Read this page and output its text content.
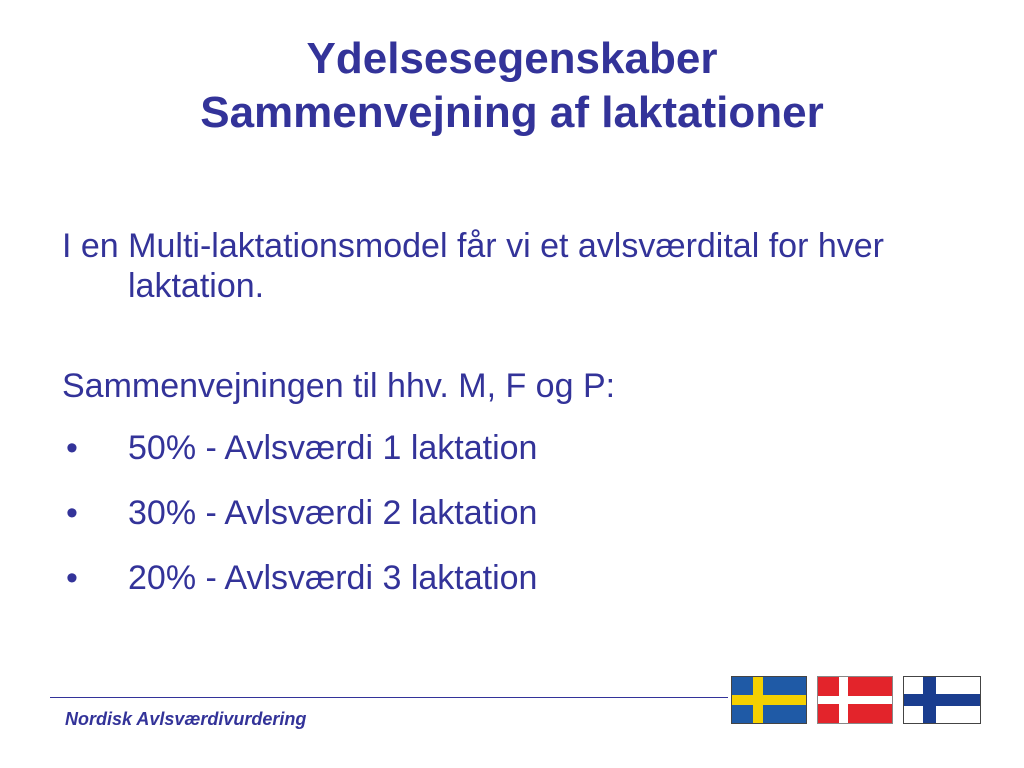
Ydelsesegenskaber
Sammenvejning af laktationer

I en Multi-laktationsmodel får vi et avlsværdital for hver laktation.

Sammenvejningen til hhv. M, F og P:

• 50% - Avlsværdi 1 laktation
• 30% - Avlsværdi 2 laktation
• 20% - Avlsværdi 3 laktation
Nordisk Avlsværdivurdering
